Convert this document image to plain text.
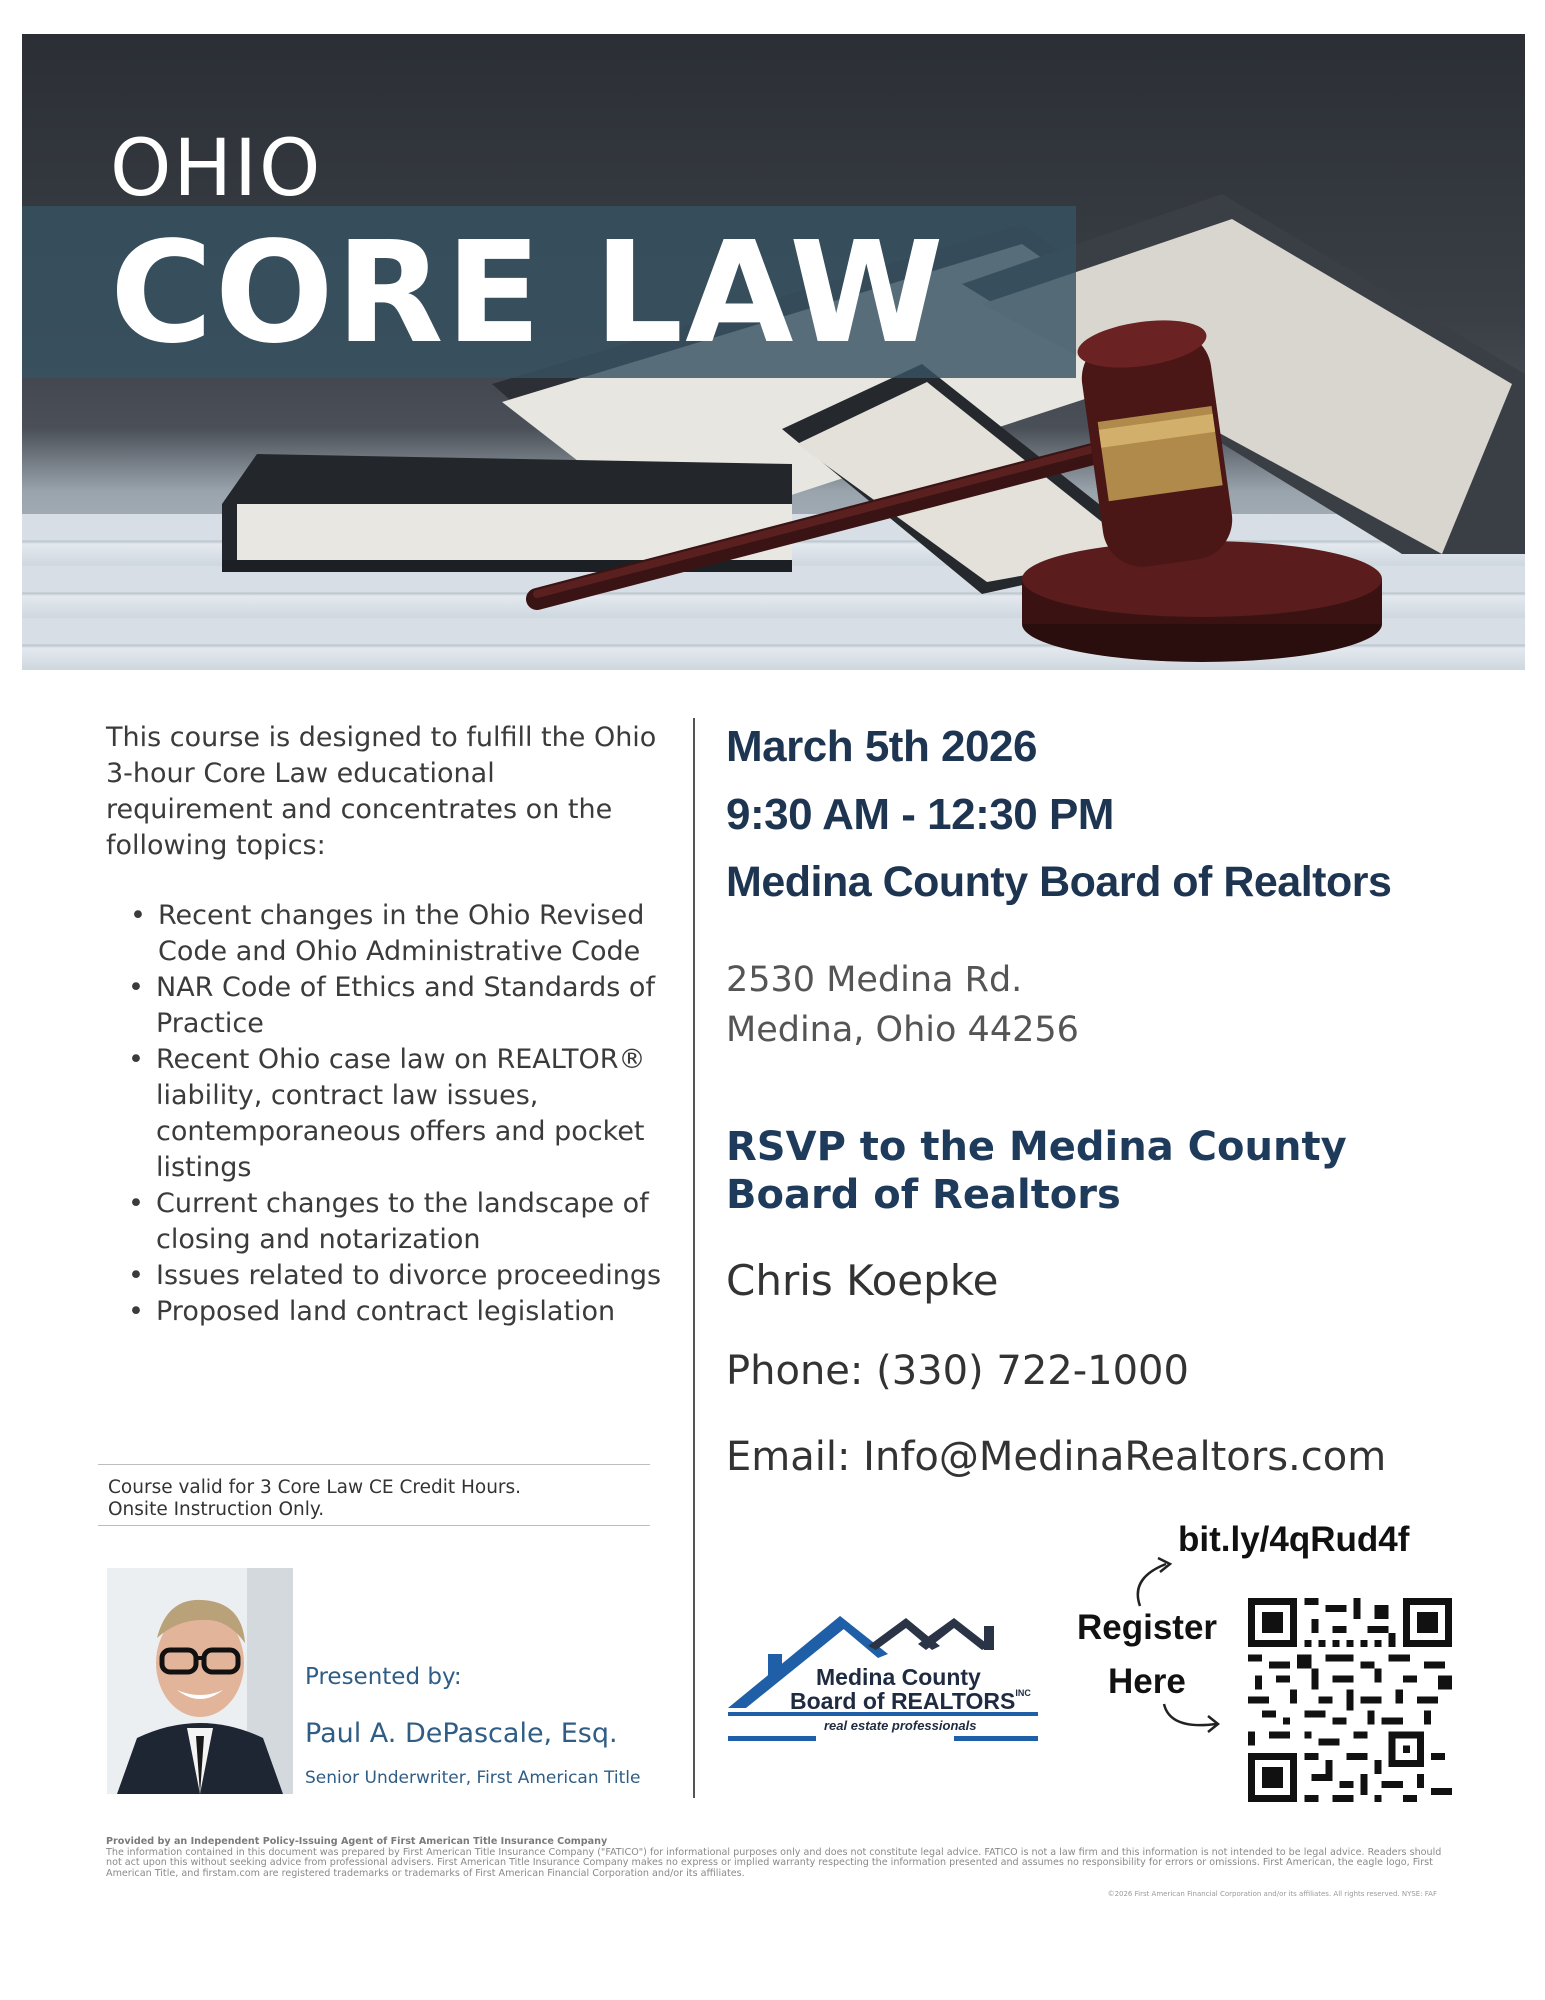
OHIO
CORE LAW
This course is designed to fulfill the Ohio 3-hour Core Law educational requirement and concentrates on the following topics:
• Recent changes in the Ohio Revised Code and Ohio Administrative Code
• NAR Code of Ethics and Standards of Practice
• Recent Ohio case law on REALTOR® liability, contract law issues, contemporaneous offers and pocket listings
• Current changes to the landscape of closing and notarization
• Issues related to divorce proceedings
• Proposed land contract legislation
Course valid for 3 Core Law CE Credit Hours.
Onsite Instruction Only.
Presented by:
Paul A. DePascale, Esq.
Senior Underwriter, First American Title
March 5th 2026
9:30 AM - 12:30 PM
Medina County Board of Realtors
2530 Medina Rd.
Medina, Ohio 44256
RSVP to the Medina County
Board of Realtors
Chris Koepke
Phone: (330) 722-1000
Email: Info@MedinaRealtors.com
Medina County
Board of $REALTORS^{INC}$
real estate professionals
bit.ly/4qRud4f
Register
Here
Provided by an Independent Policy-Issuing Agent of First American Title Insurance Company
The information contained in this document was prepared by First American Title Insurance Company ("FATICO") for informational purposes only and does not constitute legal advice. FATICO is not a law firm and this information is not intended to be legal advice. Readers should not act upon this without seeking advice from professional advisers. First American Title Insurance Company makes no express or implied warranty respecting the information presented and assumes no responsibility for errors or omissions. First American, the eagle logo, First American Title, and firstam.com are registered trademarks or trademarks of First American Financial Corporation and/or its affiliates.
©2026 First American Financial Corporation and/or its affiliates. All rights reserved. NYSE: FAF
